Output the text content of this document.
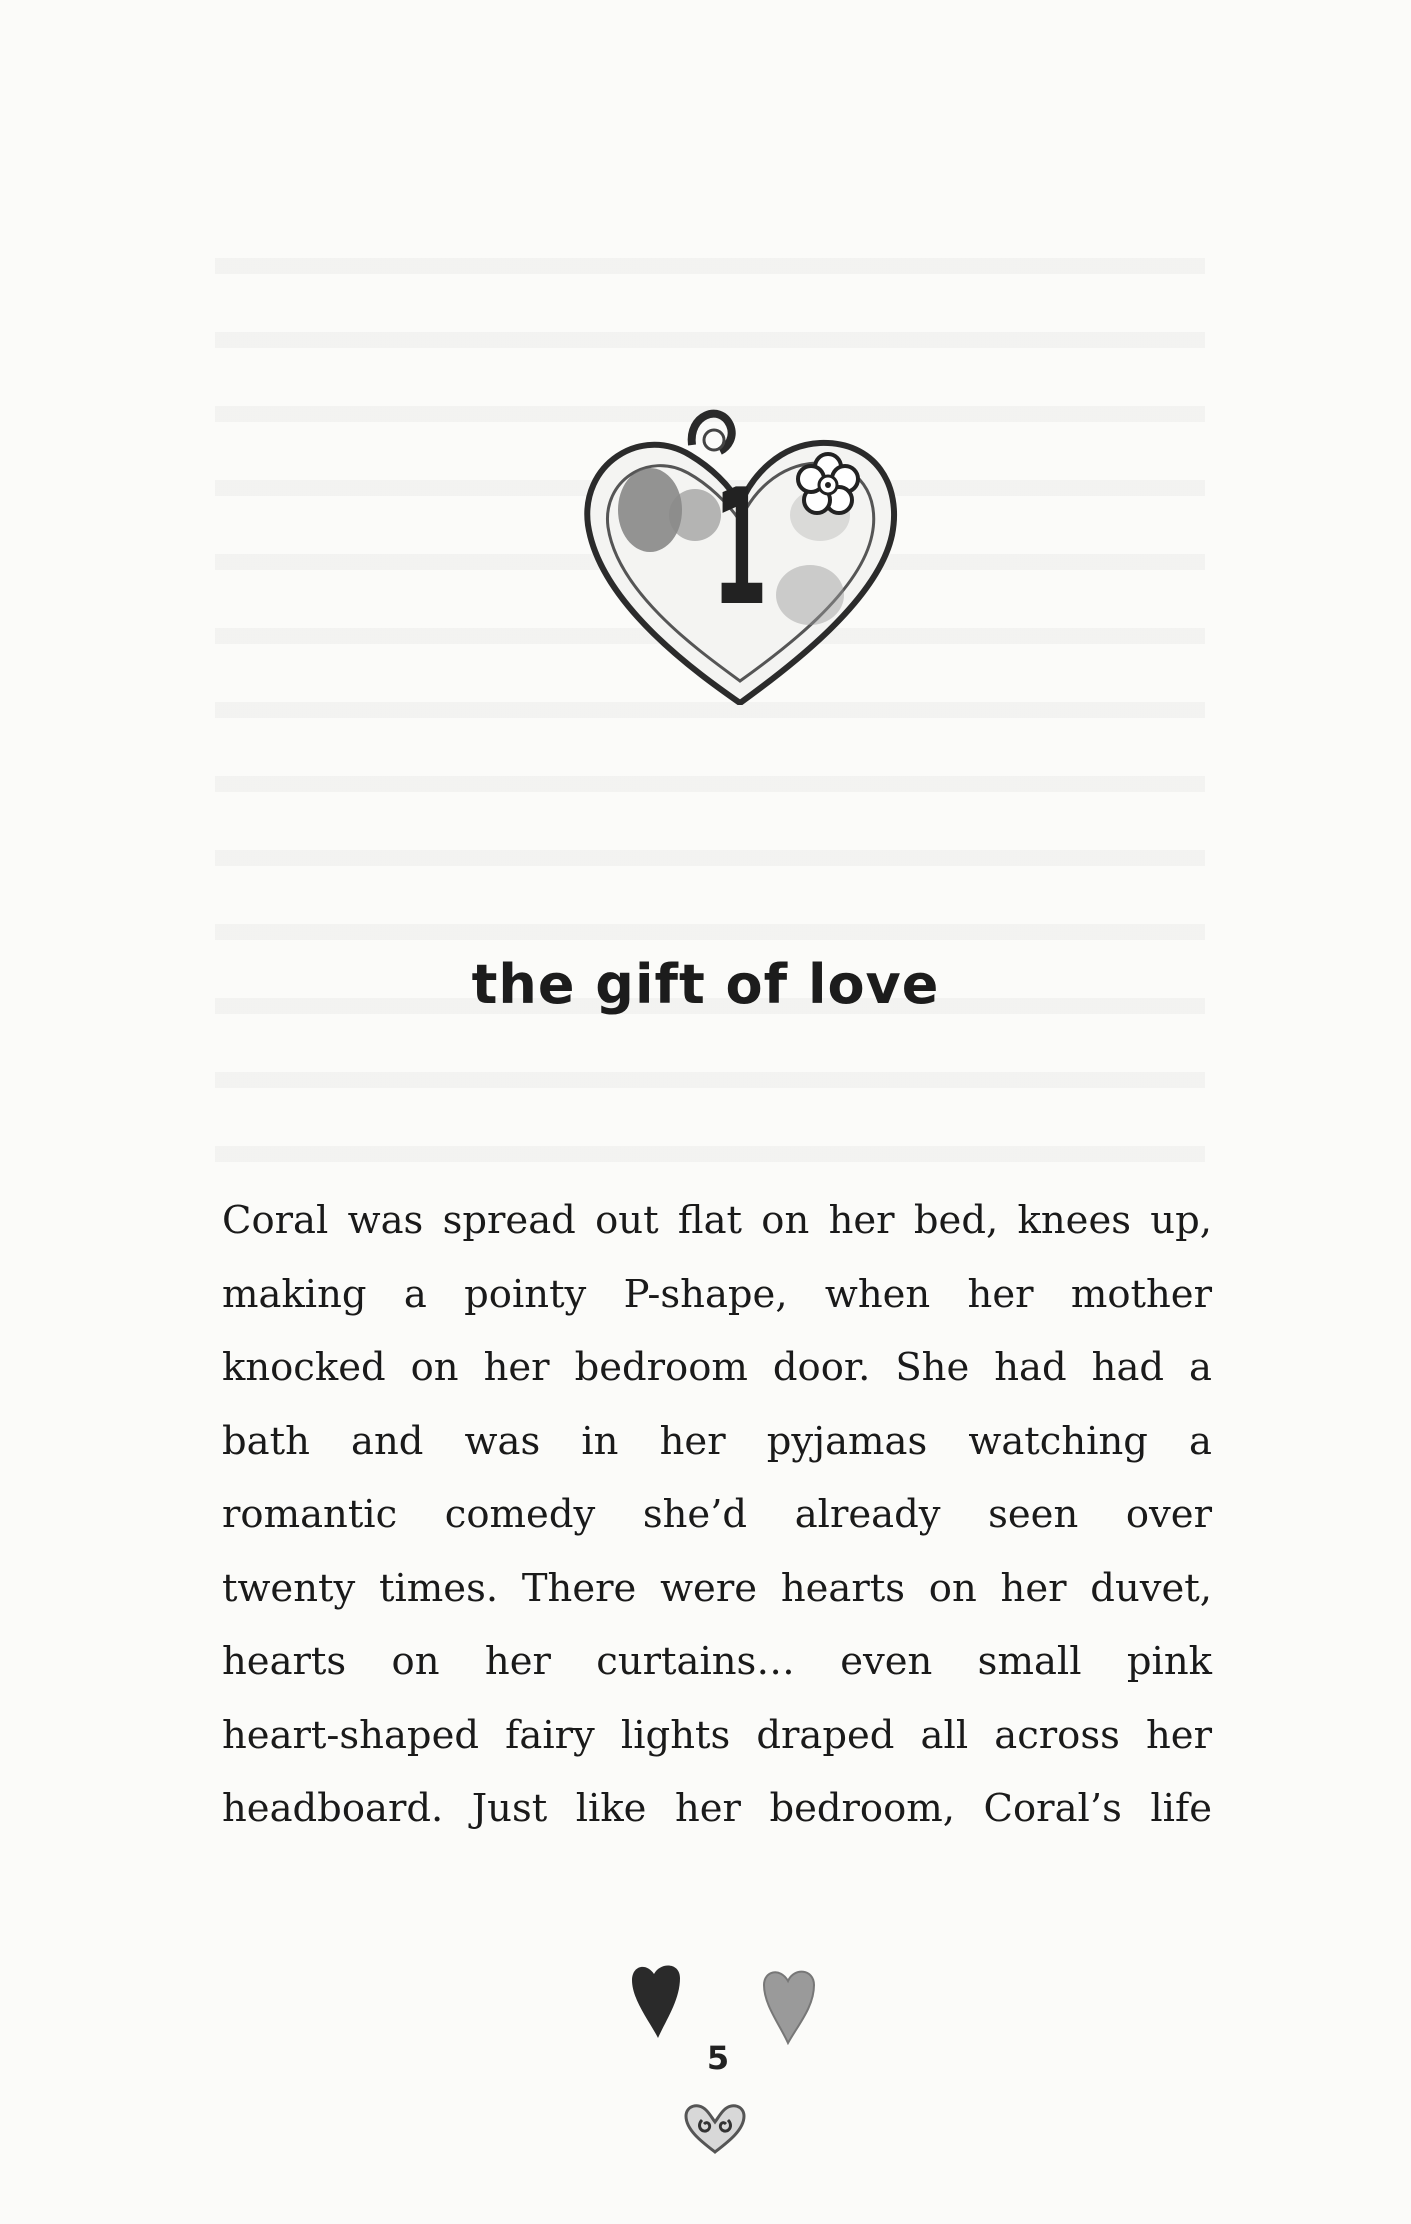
1
the gift of love
Coral was spread out flat on her bed, knees up,
making a pointy P-shape, when her mother
knocked on her bedroom door. She had had a
bath and was in her pyjamas watching a
romantic comedy she’d already seen over
twenty times. There were hearts on her duvet,
hearts on her curtains… even small pink
heart-shaped fairy lights draped all across her
headboard. Just like her bedroom, Coral’s life
5
